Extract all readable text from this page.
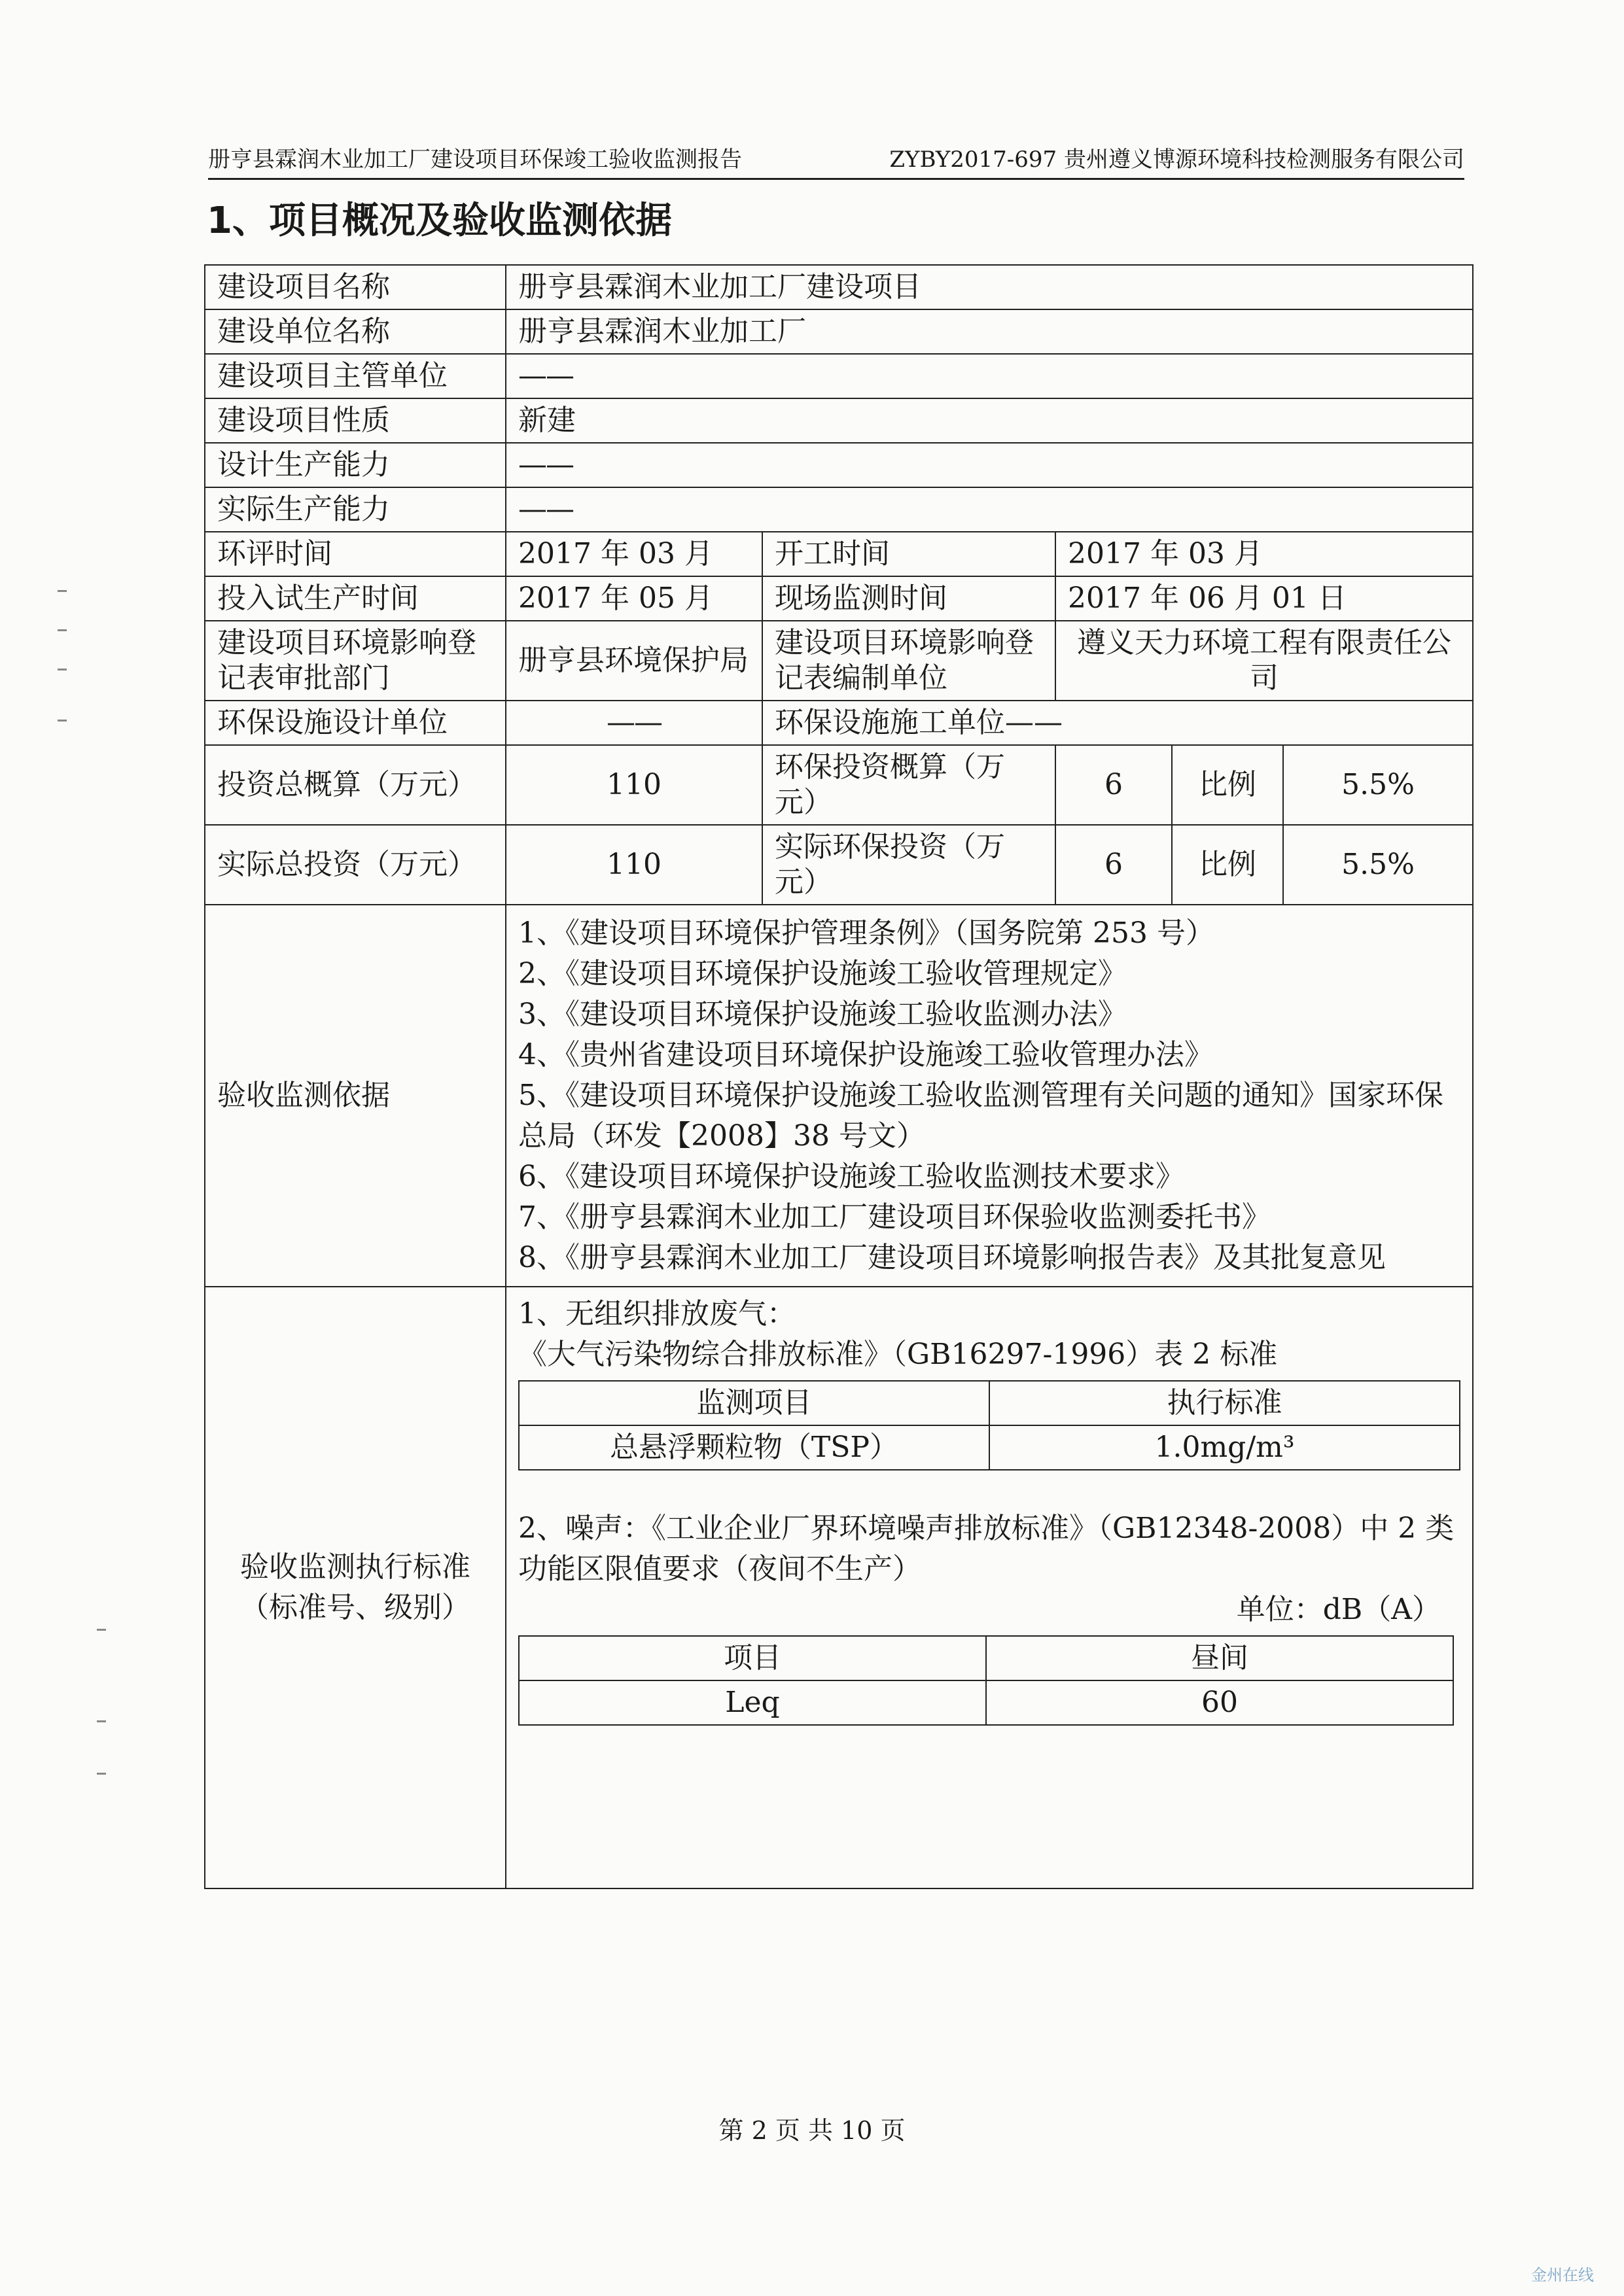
册亨县霖润木业加工厂建设项目环保竣工验收监测报告	ZYBY2017-697 贵州遵义博源环境科技检测服务有限公司
1、项目概况及验收监测依据
建设项目名称	册亨县霖润木业加工厂建设项目
建设单位名称	册亨县霖润木业加工厂
建设项目主管单位	——
建设项目性质	新建
设计生产能力	——
实际生产能力	——
环评时间	2017 年 03 月	开工时间	2017 年 03 月
投入试生产时间	2017 年 05 月	现场监测时间	2017 年 06 月 01 日
建设项目环境影响登记表审批部门	册亨县环境保护局	建设项目环境影响登记表编制单位	遵义天力环境工程有限责任公司
环保设施设计单位	——	环保设施施工单位——
投资总概算（万元）	110	环保投资概算（万元）	6	比例	5.5%
实际总投资（万元）	110	实际环保投资（万元）	6	比例	5.5%
验收监测依据	
1、《建设项目环境保护管理条例》（国务院第 253 号）
2、《建设项目环境保护设施竣工验收管理规定》
3、《建设项目环境保护设施竣工验收监测办法》
4、《贵州省建设项目环境保护设施竣工验收管理办法》
5、《建设项目环境保护设施竣工验收监测管理有关问题的通知》国家环保总局（环发【2008】38 号文）
6、《建设项目环境保护设施竣工验收监测技术要求》
7、《册亨县霖润木业加工厂建设项目环保验收监测委托书》
8、《册亨县霖润木业加工厂建设项目环境影响报告表》及其批复意见

验收监测执行标准
（标准号、级别）

1、无组织排放废气：
《大气污染物综合排放标准》（GB16297-1996）表 2 标准
监测项目	执行标准
总悬浮颗粒物（TSP）	1.0mg/m³
2、噪声：《工业企业厂界环境噪声排放标准》（GB12348-2008）中 2 类功能区限值要求（夜间不生产）
单位：dB（A）
项目	昼间
Leq	60
第 2 页 共 10 页
金州在线
